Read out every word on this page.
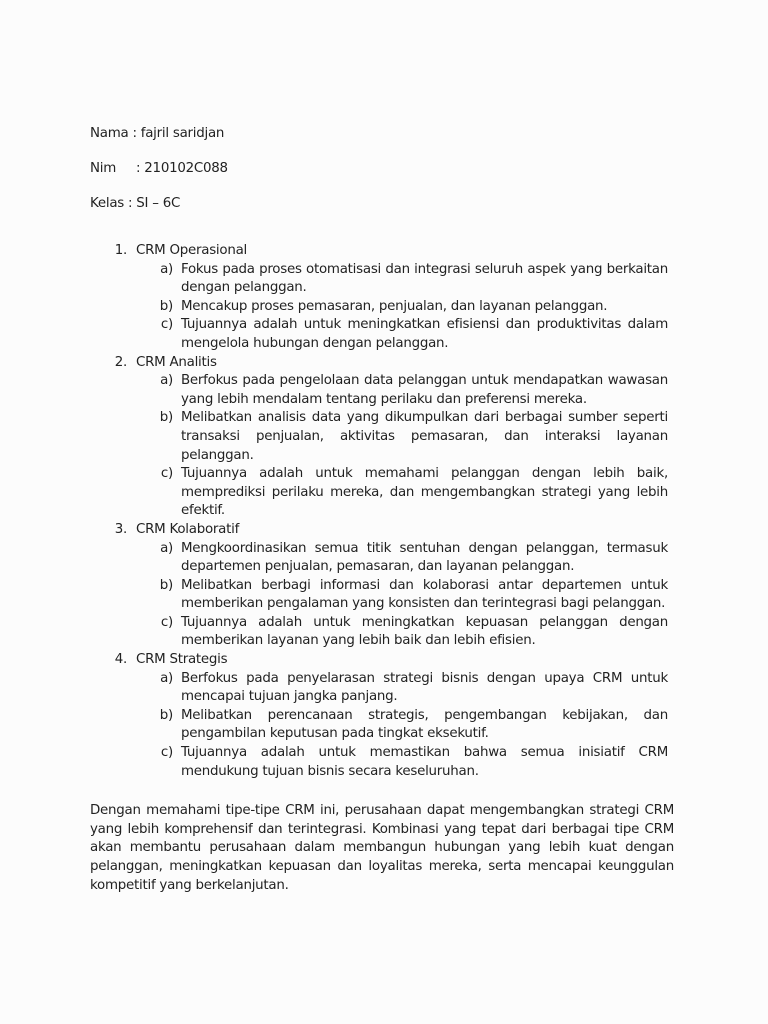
Nama : fajril saridjan
Nim : 210102C088
Kelas : SI – 6C
1. CRM Operasional
a) Fokus pada proses otomatisasi dan integrasi seluruh aspek yang berkaitan dengan pelanggan.
b) Mencakup proses pemasaran, penjualan, dan layanan pelanggan.
c) Tujuannya adalah untuk meningkatkan efisiensi dan produktivitas dalam mengelola hubungan dengan pelanggan.
2. CRM Analitis
a) Berfokus pada pengelolaan data pelanggan untuk mendapatkan wawasan yang lebih mendalam tentang perilaku dan preferensi mereka.
b) Melibatkan analisis data yang dikumpulkan dari berbagai sumber seperti transaksi penjualan, aktivitas pemasaran, dan interaksi layanan pelanggan.
c) Tujuannya adalah untuk memahami pelanggan dengan lebih baik, memprediksi perilaku mereka, dan mengembangkan strategi yang lebih efektif.
3. CRM Kolaboratif
a) Mengkoordinasikan semua titik sentuhan dengan pelanggan, termasuk departemen penjualan, pemasaran, dan layanan pelanggan.
b) Melibatkan berbagi informasi dan kolaborasi antar departemen untuk memberikan pengalaman yang konsisten dan terintegrasi bagi pelanggan.
c) Tujuannya adalah untuk meningkatkan kepuasan pelanggan dengan memberikan layanan yang lebih baik dan lebih efisien.
4. CRM Strategis
a) Berfokus pada penyelarasan strategi bisnis dengan upaya CRM untuk mencapai tujuan jangka panjang.
b) Melibatkan perencanaan strategis, pengembangan kebijakan, dan pengambilan keputusan pada tingkat eksekutif.
c) Tujuannya adalah untuk memastikan bahwa semua inisiatif CRM mendukung tujuan bisnis secara keseluruhan.

Dengan memahami tipe-tipe CRM ini, perusahaan dapat mengembangkan strategi CRM yang lebih komprehensif dan terintegrasi. Kombinasi yang tepat dari berbagai tipe CRM akan membantu perusahaan dalam membangun hubungan yang lebih kuat dengan pelanggan, meningkatkan kepuasan dan loyalitas mereka, serta mencapai keunggulan kompetitif yang berkelanjutan.
